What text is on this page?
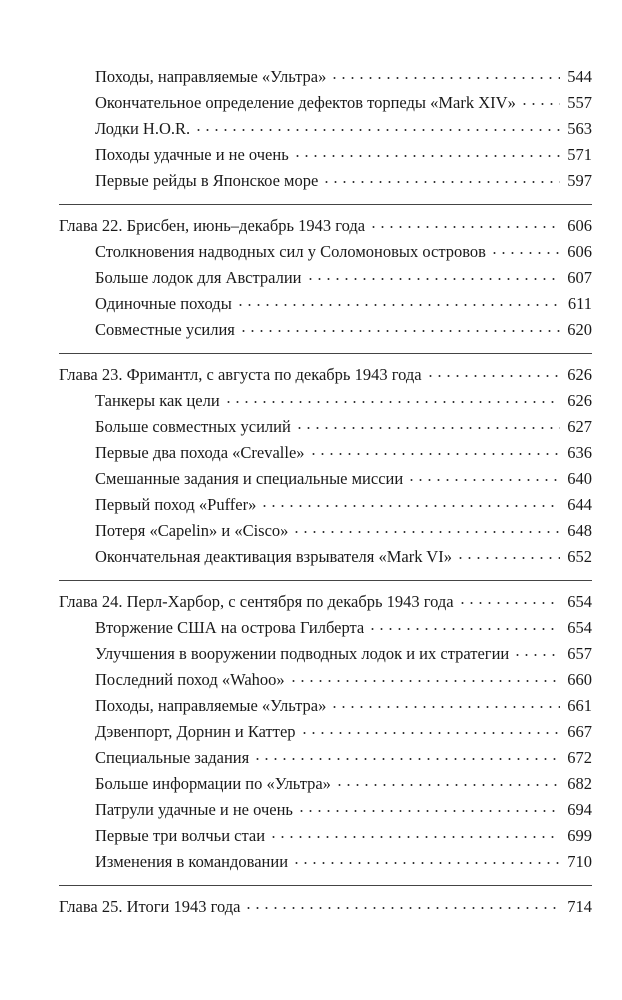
Походы, направляемые «Ультра»	544
Окончательное определение дефектов торпеды «Mark XIV»	557
Лодки H.O.R.	563
Походы удачные и не очень	571
Первые рейды в Японское море	597
Глава 22. Брисбен, июнь–декабрь 1943 года	606
Столкновения надводных сил у Соломоновых островов	606
Больше лодок для Австралии	607
Одиночные походы	611
Совместные усилия	620
Глава 23. Фримантл, с августа по декабрь 1943 года	626
Танкеры как цели	626
Больше совместных усилий	627
Первые два похода «Crevalle»	636
Смешанные задания и специальные миссии	640
Первый поход «Puffer»	644
Потеря «Capelin» и «Cisco»	648
Окончательная деактивация взрывателя «Mark VI»	652
Глава 24. Перл-Харбор, с сентября по декабрь 1943 года	654
Вторжение США на острова Гилберта	654
Улучшения в вооружении подводных лодок и их стратегии	657
Последний поход «Wahoo»	660
Походы, направляемые «Ультра»	661
Дэвенпорт, Дорнин и Каттер	667
Специальные задания	672
Больше информации по «Ультра»	682
Патрули удачные и не очень	694
Первые три волчьи стаи	699
Изменения в командовании	710
Глава 25. Итоги 1943 года	714
